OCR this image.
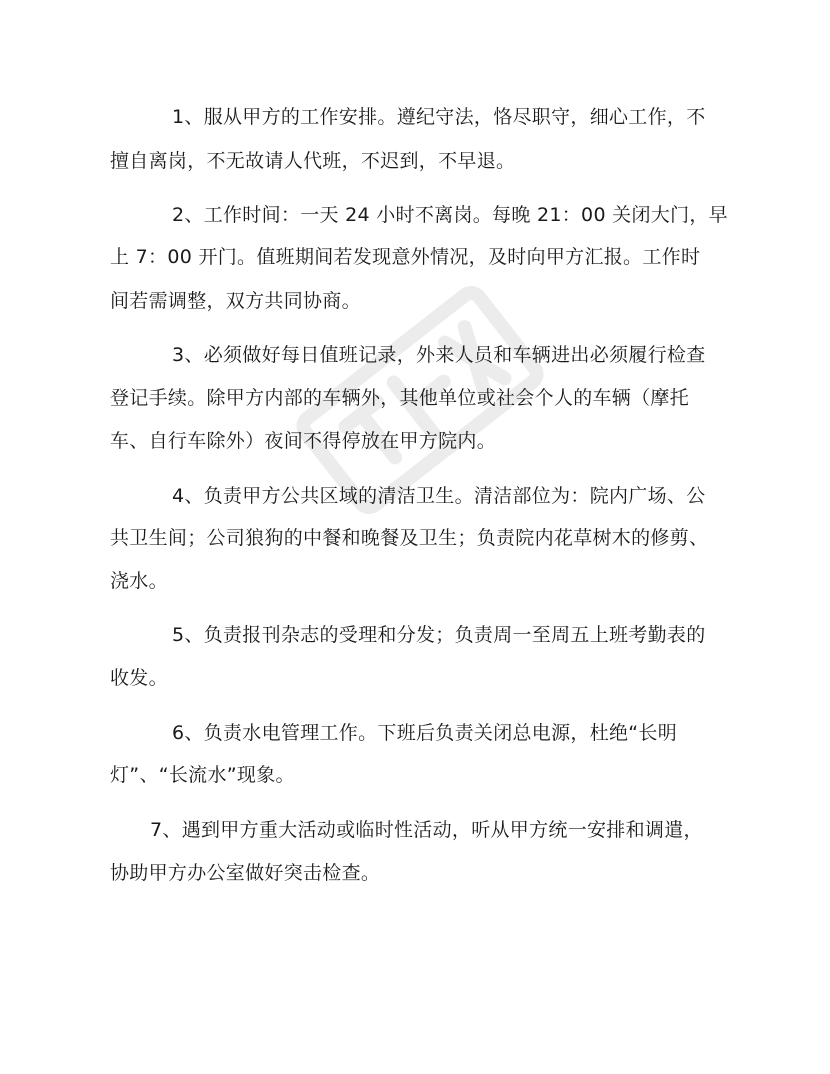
1、服从甲方的工作安排。遵纪守法，恪尽职守，细心工作，不
擅自离岗，不无故请人代班，不迟到，不早退。
2、工作时间：一天 24 小时不离岗。每晚 21：00 关闭大门，早
上 7：00 开门。值班期间若发现意外情况，及时向甲方汇报。工作时
间若需调整，双方共同协商。
3、必须做好每日值班记录，外来人员和车辆进出必须履行检查
登记手续。除甲方内部的车辆外，其他单位或社会个人的车辆（摩托
车、自行车除外）夜间不得停放在甲方院内。
4、负责甲方公共区域的清洁卫生。清洁部位为：院内广场、公
共卫生间；公司狼狗的中餐和晚餐及卫生；负责院内花草树木的修剪、
浇水。
5、负责报刊杂志的受理和分发；负责周一至周五上班考勤表的
收发。
6、负责水电管理工作。下班后负责关闭总电源，杜绝“长明
灯”、“长流水”现象。
7、遇到甲方重大活动或临时性活动，听从甲方统一安排和调遣，
协助甲方办公室做好突击检查。
